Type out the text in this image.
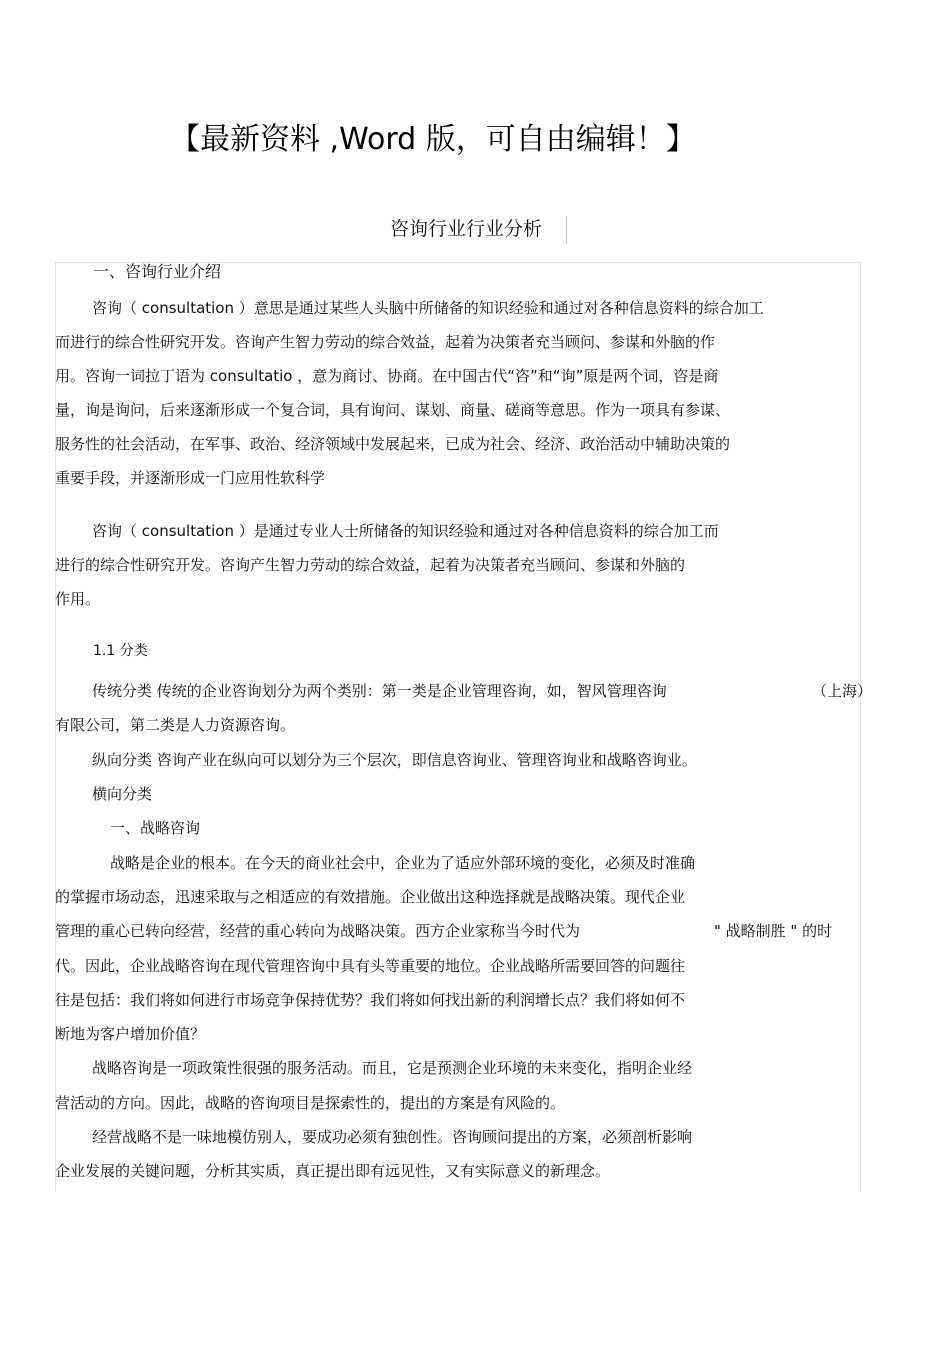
【最新资料 ,Word 版，可自由编辑！】
咨询行业行业分析
一、咨询行业介绍
咨询（ consultation ）意思是通过某些人头脑中所储备的知识经验和通过对各种信息资料的综合加工
而进行的综合性研究开发。咨询产生智力劳动的综合效益，起着为决策者充当顾问、参谋和外脑的作
用。咨询一词拉丁语为 consultatio ，意为商讨、协商。在中国古代“咨”和“询”原是两个词，咨是商
量，询是询问，后来逐渐形成一个复合词，具有询问、谋划、商量、磋商等意思。作为一项具有参谋、
服务性的社会活动，在军事、政治、经济领域中发展起来，已成为社会、经济、政治活动中辅助决策的
重要手段，并逐渐形成一门应用性软科学
咨询（ consultation ）是通过专业人士所储备的知识经验和通过对各种信息资料的综合加工而
进行的综合性研究开发。咨询产生智力劳动的综合效益，起着为决策者充当顾问、参谋和外脑的
作用。
1.1 分类
传统分类 传统的企业咨询划分为两个类别：第一类是企业管理咨询，如，智风管理咨询	（上海）
有限公司，第二类是人力资源咨询。
纵向分类 咨询产业在纵向可以划分为三个层次，即信息咨询业、管理咨询业和战略咨询业。
横向分类
一、战略咨询
战略是企业的根本。在今天的商业社会中，企业为了适应外部环境的变化，必须及时准确
的掌握市场动态，迅速采取与之相适应的有效措施。企业做出这种选择就是战略决策。现代企业
管理的重心已转向经营，经营的重心转向为战略决策。西方企业家称当今时代为	" 战略制胜 " 的时
代。因此，企业战略咨询在现代管理咨询中具有头等重要的地位。企业战略所需要回答的问题往
往是包括：我们将如何进行市场竞争保持优势？我们将如何找出新的利润增长点？我们将如何不
断地为客户增加价值？
战略咨询是一项政策性很强的服务活动。而且，它是预测企业环境的未来变化，指明企业经
营活动的方向。因此，战略的咨询项目是探索性的，提出的方案是有风险的。
经营战略不是一味地模仿别人，要成功必须有独创性。咨询顾问提出的方案，必须剖析影响
企业发展的关键问题，分析其实质，真正提出即有远见性，又有实际意义的新理念。
